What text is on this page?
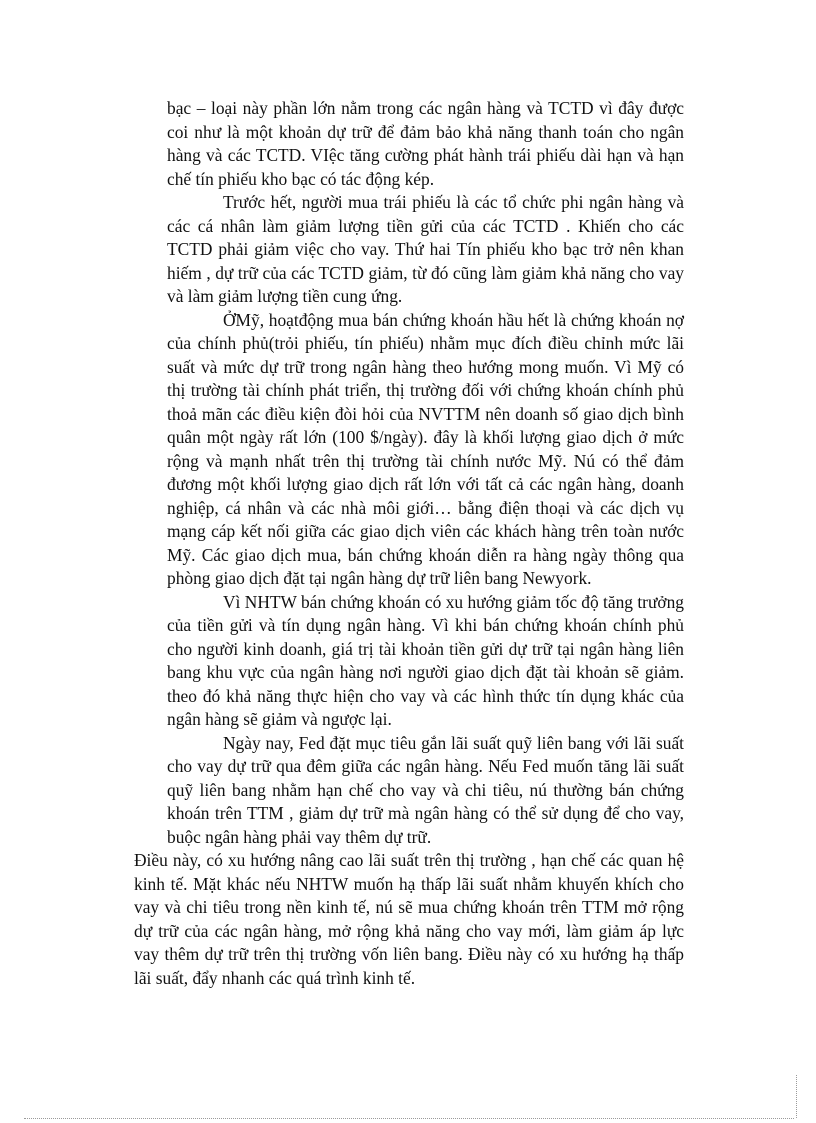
bạc – loại này phần lớn nằm trong các ngân hàng và TCTD vì đây được coi như là một khoản dự trữ để đảm bảo khả năng thanh toán cho ngân hàng và các TCTD. VIệc tăng cường phát hành trái phiếu dài hạn và hạn chế tín phiếu kho bạc có tác động kép.

Trước hết, người mua trái phiếu là các tổ chức phi ngân hàng và các cá nhân làm giảm lượng tiền gửi của các TCTD . Khiến cho các TCTD phải giảm việc cho vay. Thứ hai Tín phiếu kho bạc trở nên khan hiếm , dự trữ của các TCTD giảm, từ đó cũng làm giảm khả năng cho vay và làm giảm lượng tiền cung ứng.

ỞMỹ, hoạtđộng mua bán chứng khoán hầu hết là chứng khoán nợ của chính phủ(trỏi phiếu, tín phiếu) nhằm mục đích điều chỉnh mức lãi suất và mức dự trữ trong ngân hàng theo hướng mong muốn. Vì Mỹ có thị trường tài chính phát triển, thị trường đối với chứng khoán chính phủ thoả mãn các điều kiện đòi hỏi của NVTTM nên doanh số giao dịch bình quân một ngày rất lớn (100 $/ngày). đây là khối lượng giao dịch ở mức rộng và mạnh nhất trên thị trường tài chính nước Mỹ. Nú có thể đảm đương một khối lượng giao dịch rất lớn với tất cả các ngân hàng, doanh nghiệp, cá nhân và các nhà môi giới… bằng điện thoại và các dịch vụ mạng cáp kết nối giữa các giao dịch viên các khách hàng trên toàn nước Mỹ. Các giao dịch mua, bán chứng khoán diễn ra hàng ngày thông qua phòng giao dịch đặt tại ngân hàng dự trữ liên bang Newyork.

Vì NHTW bán chứng khoán có xu hướng giảm tốc độ tăng trưởng của tiền gửi và tín dụng ngân hàng. Vì khi bán chứng khoán chính phủ cho người kinh doanh, giá trị tài khoản tiền gửi dự trữ tại ngân hàng liên bang khu vực của ngân hàng nơi người giao dịch đặt tài khoản sẽ giảm. theo đó khả năng thực hiện cho vay và các hình thức tín dụng khác của ngân hàng sẽ giảm và ngược lại.

Ngày nay, Fed đặt mục tiêu gắn lãi suất quỹ liên bang với lãi suất cho vay dự trữ qua đêm giữa các ngân hàng. Nếu Fed muốn tăng lãi suất quỹ liên bang nhằm hạn chế cho vay và chi tiêu, nú thường bán chứng khoán trên TTM , giảm dự trữ mà ngân hàng có thể sử dụng để cho vay, buộc ngân hàng phải vay thêm dự trữ.

Điều này, có xu hướng nâng cao lãi suất trên thị trường , hạn chế các quan hệ kinh tế. Mặt khác nếu NHTW muốn hạ thấp lãi suất nhằm khuyến khích cho vay và chi tiêu trong nền kinh tế, nú sẽ mua chứng khoán trên TTM mở rộng dự trữ của các ngân hàng, mở rộng khả năng cho vay mới, làm giảm áp lực vay thêm dự trữ trên thị trường vốn liên bang. Điều này có xu hướng hạ thấp lãi suất, đẩy nhanh các quá trình kinh tế.
